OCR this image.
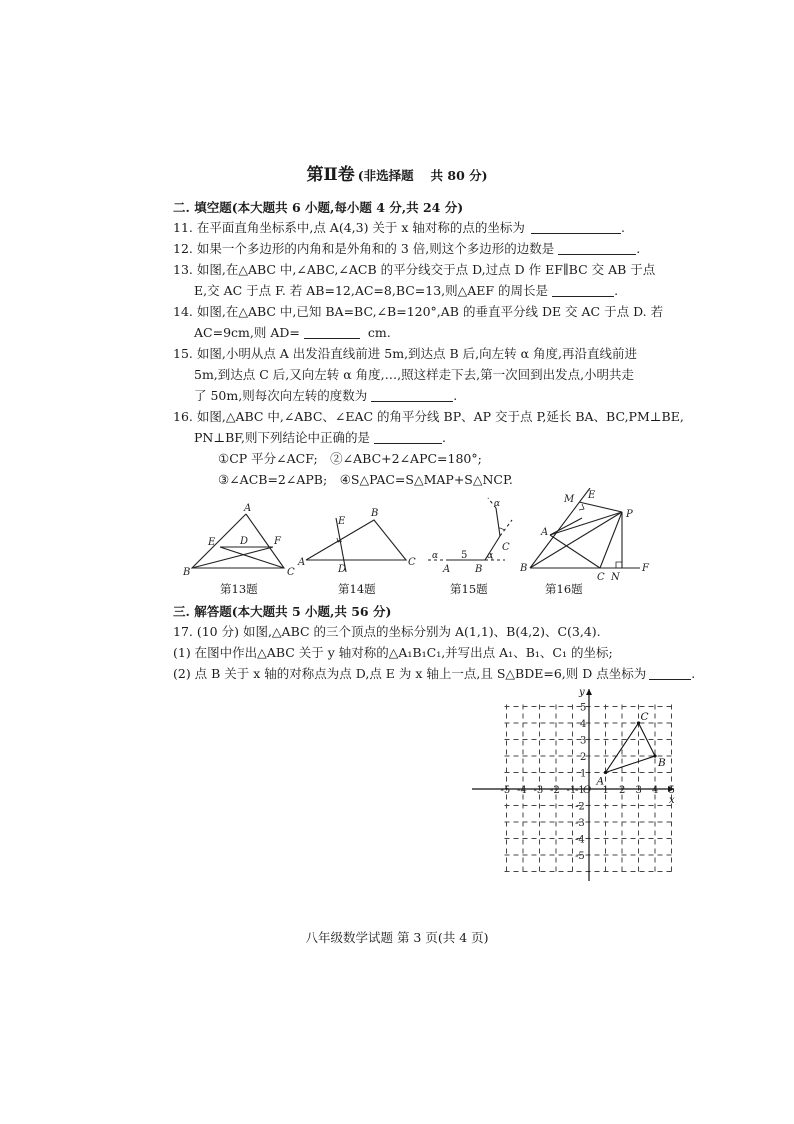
第Ⅱ卷 (非选择题　 共 80 分)
二. 填空题(本大题共 6 小题,每小题 4 分,共 24 分)
11. 在平面直角坐标系中,点 A(4,3) 关于 x 轴对称的点的坐标为	.
12. 如果一个多边形的内角和是外角和的 3 倍,则这个多边形的边数是	.
13. 如图,在△ABC 中,∠ABC,∠ACB 的平分线交于点 D,过点 D 作 EF∥BC 交 AB 于点
E,交 AC 于点 F. 若 AB=12,AC=8,BC=13,则△AEF 的周长是	.
14. 如图,在△ABC 中,已知 BA=BC,∠B=120°,AB 的垂直平分线 DE 交 AC 于点 D. 若
AC=9cm,则 AD=	cm.
15. 如图,小明从点 A 出发沿直线前进 5m,到达点 B 后,向左转 α 角度,再沿直线前进
5m,到达点 C 后,又向左转 α 角度,…,照这样走下去,第一次回到出发点,小明共走
了 50m,则每次向左转的度数为	.
16. 如图,△ABC 中,∠ABC、∠EAC 的角平分线 BP、AP 交于点 P,延长 BA、BC,PM⊥BE,
PN⊥BF,则下列结论中正确的是	.
①CP 平分∠ACF;　②∠ABC+2∠APC=180°;
③∠ACB=2∠APB;　④S△PAC=S△MAP+S△NCP.
A
E D	F
B	C
A
E
B
D
C
α 5
A B
α
C
α	M E
P
A
B
C N
F
第13题	第14题	第15题	第16题
三. 解答题(本大题共 5 小题,共 56 分)
17. (10 分) 如图,△ABC 的三个顶点的坐标分别为 A(1,1)、B(4,2)、C(3,4).
(1) 在图中作出△ABC 关于 y 轴对称的△A₁B₁C₁,并写出点 A₁、B₁、C₁ 的坐标;
(2) 点 B 关于 x 轴的对称点为点 D,点 E 为 x 轴上一点,且 S△BDE=6,则 D 点坐标为	.
x
y
-5 -4 -3 -2 -1 O 1 2 3 4 5
5
4
3
2
1
-1
-2
-3
-4
-5
A
B
C
八年级数学试题 第 3 页(共 4 页)
